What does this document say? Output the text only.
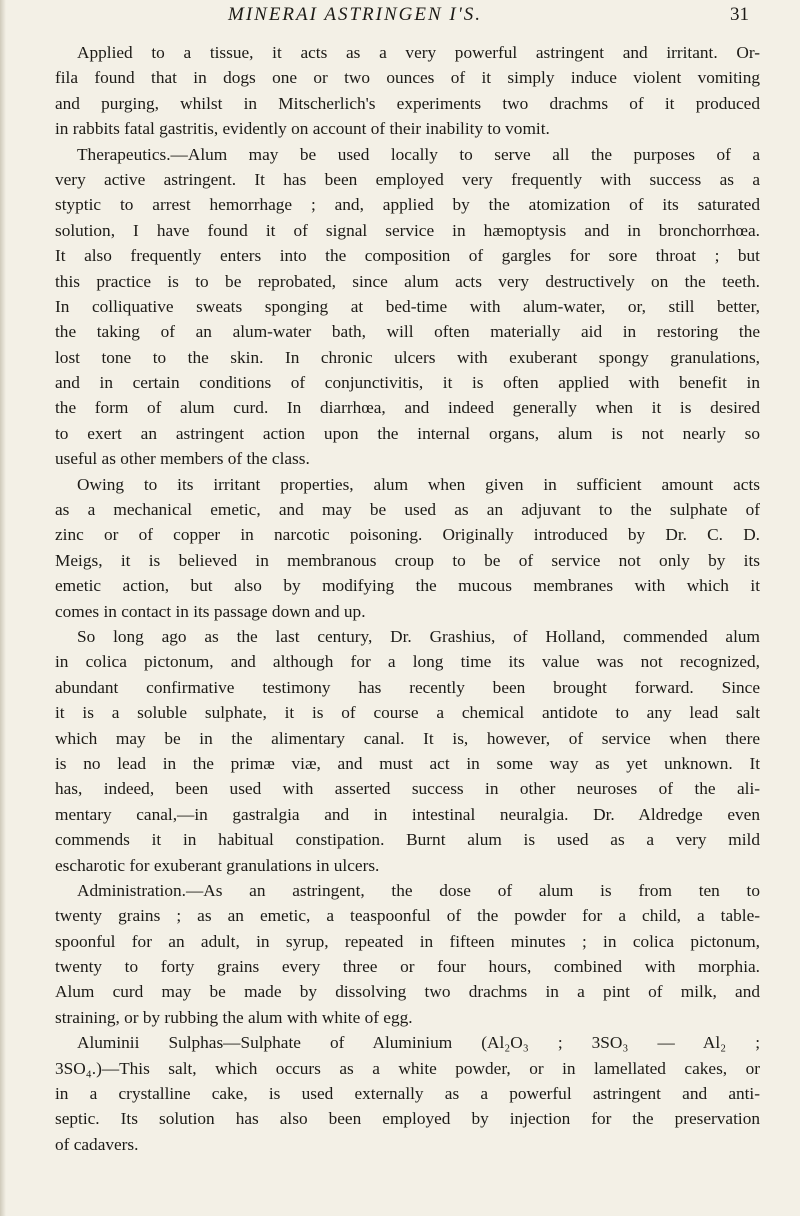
MINERAI ASTRINGEN I'S.	31
Applied to a tissue, it acts as a very powerful astringent and irritant. Or-
fila found that in dogs one or two ounces of it simply induce violent vomiting
and purging, whilst in Mitscherlich's experiments two drachms of it produced
in rabbits fatal gastritis, evidently on account of their inability to vomit.
Therapeutics.—Alum may be used locally to serve all the purposes of a
very active astringent. It has been employed very frequently with success as a
styptic to arrest hemorrhage ; and, applied by the atomization of its saturated
solution, I have found it of signal service in hæmoptysis and in bronchorrhœa.
It also frequently enters into the composition of gargles for sore throat ; but
this practice is to be reprobated, since alum acts very destructively on the teeth.
In colliquative sweats sponging at bed-time with alum-water, or, still better,
the taking of an alum-water bath, will often materially aid in restoring the
lost tone to the skin. In chronic ulcers with exuberant spongy granulations,
and in certain conditions of conjunctivitis, it is often applied with benefit in
the form of alum curd. In diarrhœa, and indeed generally when it is desired
to exert an astringent action upon the internal organs, alum is not nearly so
useful as other members of the class.
Owing to its irritant properties, alum when given in sufficient amount acts
as a mechanical emetic, and may be used as an adjuvant to the sulphate of
zinc or of copper in narcotic poisoning. Originally introduced by Dr. C. D.
Meigs, it is believed in membranous croup to be of service not only by its
emetic action, but also by modifying the mucous membranes with which it
comes in contact in its passage down and up.
So long ago as the last century, Dr. Grashius, of Holland, commended alum
in colica pictonum, and although for a long time its value was not recognized,
abundant confirmative testimony has recently been brought forward. Since
it is a soluble sulphate, it is of course a chemical antidote to any lead salt
which may be in the alimentary canal. It is, however, of service when there
is no lead in the primæ viæ, and must act in some way as yet unknown. It
has, indeed, been used with asserted success in other neuroses of the ali-
mentary canal,—in gastralgia and in intestinal neuralgia. Dr. Aldredge even
commends it in habitual constipation. Burnt alum is used as a very mild
escharotic for exuberant granulations in ulcers.
Administration.—As an astringent, the dose of alum is from ten to
twenty grains ; as an emetic, a teaspoonful of the powder for a child, a table-
spoonful for an adult, in syrup, repeated in fifteen minutes ; in colica pictonum,
twenty to forty grains every three or four hours, combined with morphia.
Alum curd may be made by dissolving two drachms in a pint of milk, and
straining, or by rubbing the alum with white of egg.
Aluminii Sulphas—Sulphate of Aluminium (Al₂O₃ ; 3SO₃ — Al₂ ;
3SO₄.)—This salt, which occurs as a white powder, or in lamellated cakes, or
in a crystalline cake, is used externally as a powerful astringent and anti-
septic. Its solution has also been employed by injection for the preservation
of cadavers.
